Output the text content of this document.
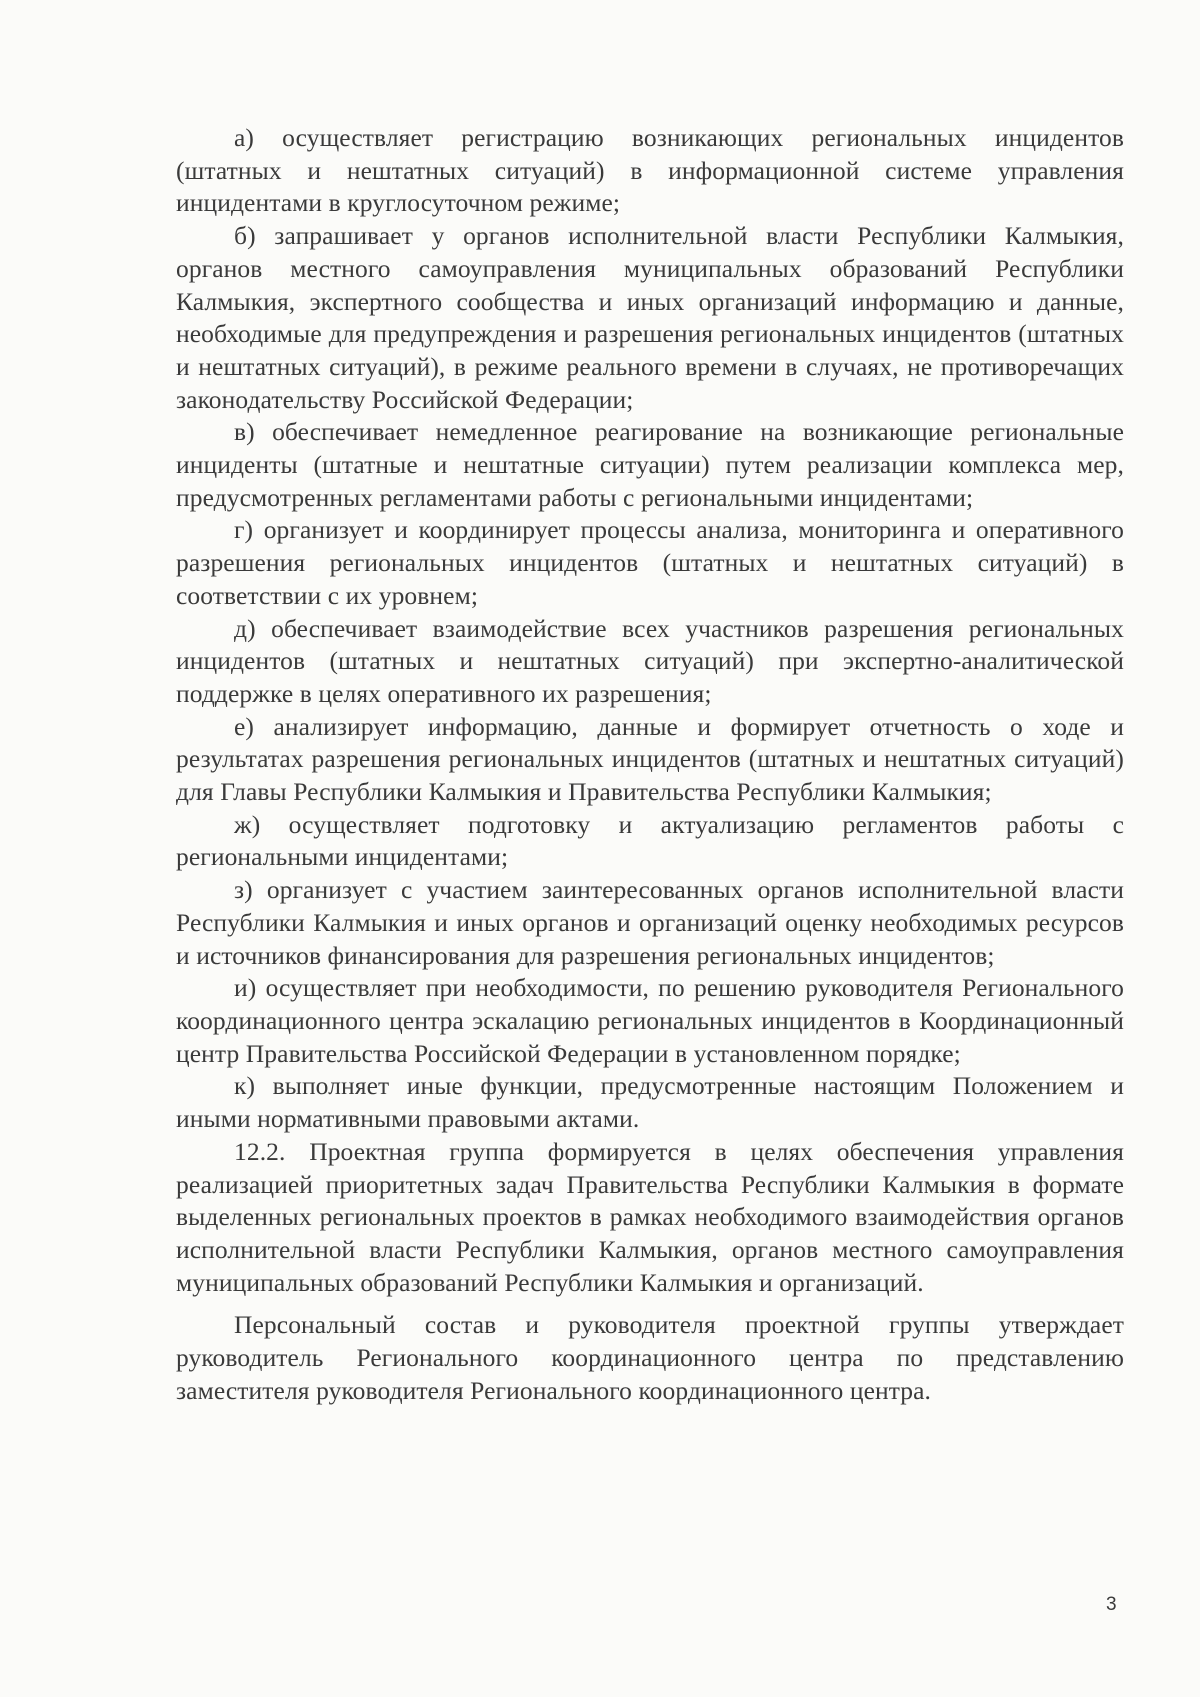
а) осуществляет регистрацию возникающих региональных инцидентов (штатных и нештатных ситуаций) в информационной системе управления инцидентами в круглосуточном режиме;

б) запрашивает у органов исполнительной власти Республики Калмыкия, органов местного самоуправления муниципальных образований Республики Калмыкия, экспертного сообщества и иных организаций информацию и данные, необходимые для предупреждения и разрешения региональных инцидентов (штатных и нештатных ситуаций), в режиме реального времени в случаях, не противоречащих законодательству Российской Федерации;

в) обеспечивает немедленное реагирование на возникающие региональные инциденты (штатные и нештатные ситуации) путем реализации комплекса мер, предусмотренных регламентами работы с региональными инцидентами;

г) организует и координирует процессы анализа, мониторинга и оперативного разрешения региональных инцидентов (штатных и нештатных ситуаций) в соответствии с их уровнем;

д) обеспечивает взаимодействие всех участников разрешения региональных инцидентов (штатных и нештатных ситуаций) при экспертно-аналитической поддержке в целях оперативного их разрешения;

е) анализирует информацию, данные и формирует отчетность о ходе и результатах разрешения региональных инцидентов (штатных и нештатных ситуаций) для Главы Республики Калмыкия и Правительства Республики Калмыкия;

ж) осуществляет подготовку и актуализацию регламентов работы с региональными инцидентами;

з) организует с участием заинтересованных органов исполнительной власти Республики Калмыкия и иных органов и организаций оценку необходимых ресурсов и источников финансирования для разрешения региональных инцидентов;

и) осуществляет при необходимости, по решению руководителя Регионального координационного центра эскалацию региональных инцидентов в Координационный центр Правительства Российской Федерации в установленном порядке;

к) выполняет иные функции, предусмотренные настоящим Положением и иными нормативными правовыми актами.

12.2. Проектная группа формируется в целях обеспечения управления реализацией приоритетных задач Правительства Республики Калмыкия в формате выделенных региональных проектов в рамках необходимого взаимодействия органов исполнительной власти Республики Калмыкия, органов местного самоуправления муниципальных образований Республики Калмыкия и организаций.

Персональный состав и руководителя проектной группы утверждает руководитель Регионального координационного центра по представлению заместителя руководителя Регионального координационного центра.

3
